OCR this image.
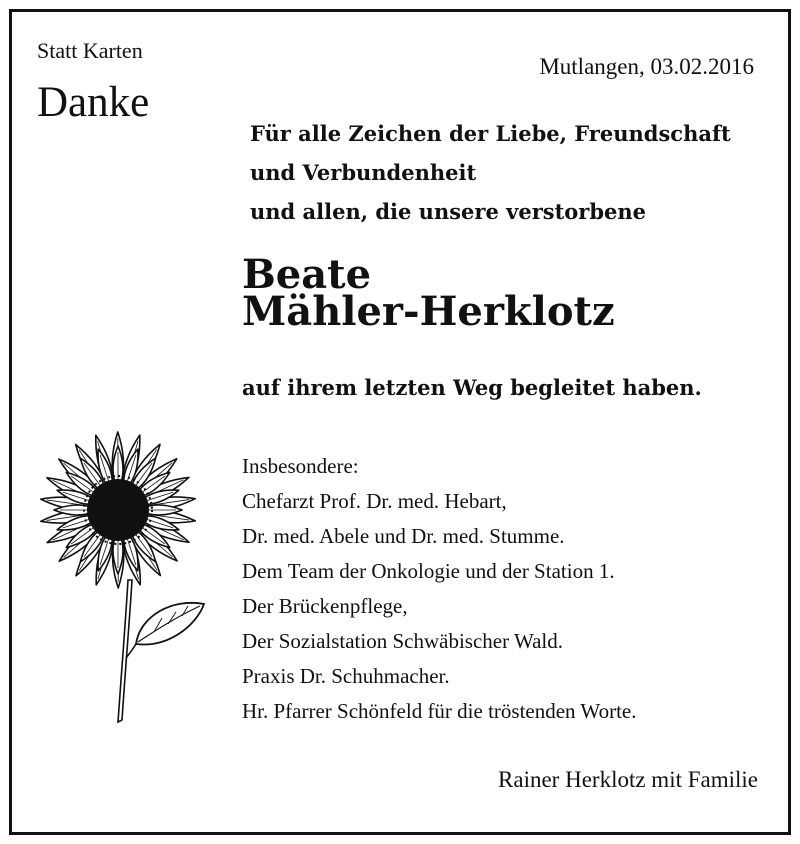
Statt Karten
Danke
Mutlangen, 03.02.2016
Für alle Zeichen der Liebe, Freundschaft
und Verbundenheit
und allen, die unsere verstorbene
Beate
Mähler-Herklotz
auf ihrem letzten Weg begleitet haben.
Insbesondere:
Chefarzt Prof. Dr. med. Hebart,
Dr. med. Abele und Dr. med. Stumme.
Dem Team der Onkologie und der Station 1.
Der Brückenpflege,
Der Sozialstation Schwäbischer Wald.
Praxis Dr. Schuhmacher.
Hr. Pfarrer Schönfeld für die tröstenden Worte.
Rainer Herklotz mit Familie
